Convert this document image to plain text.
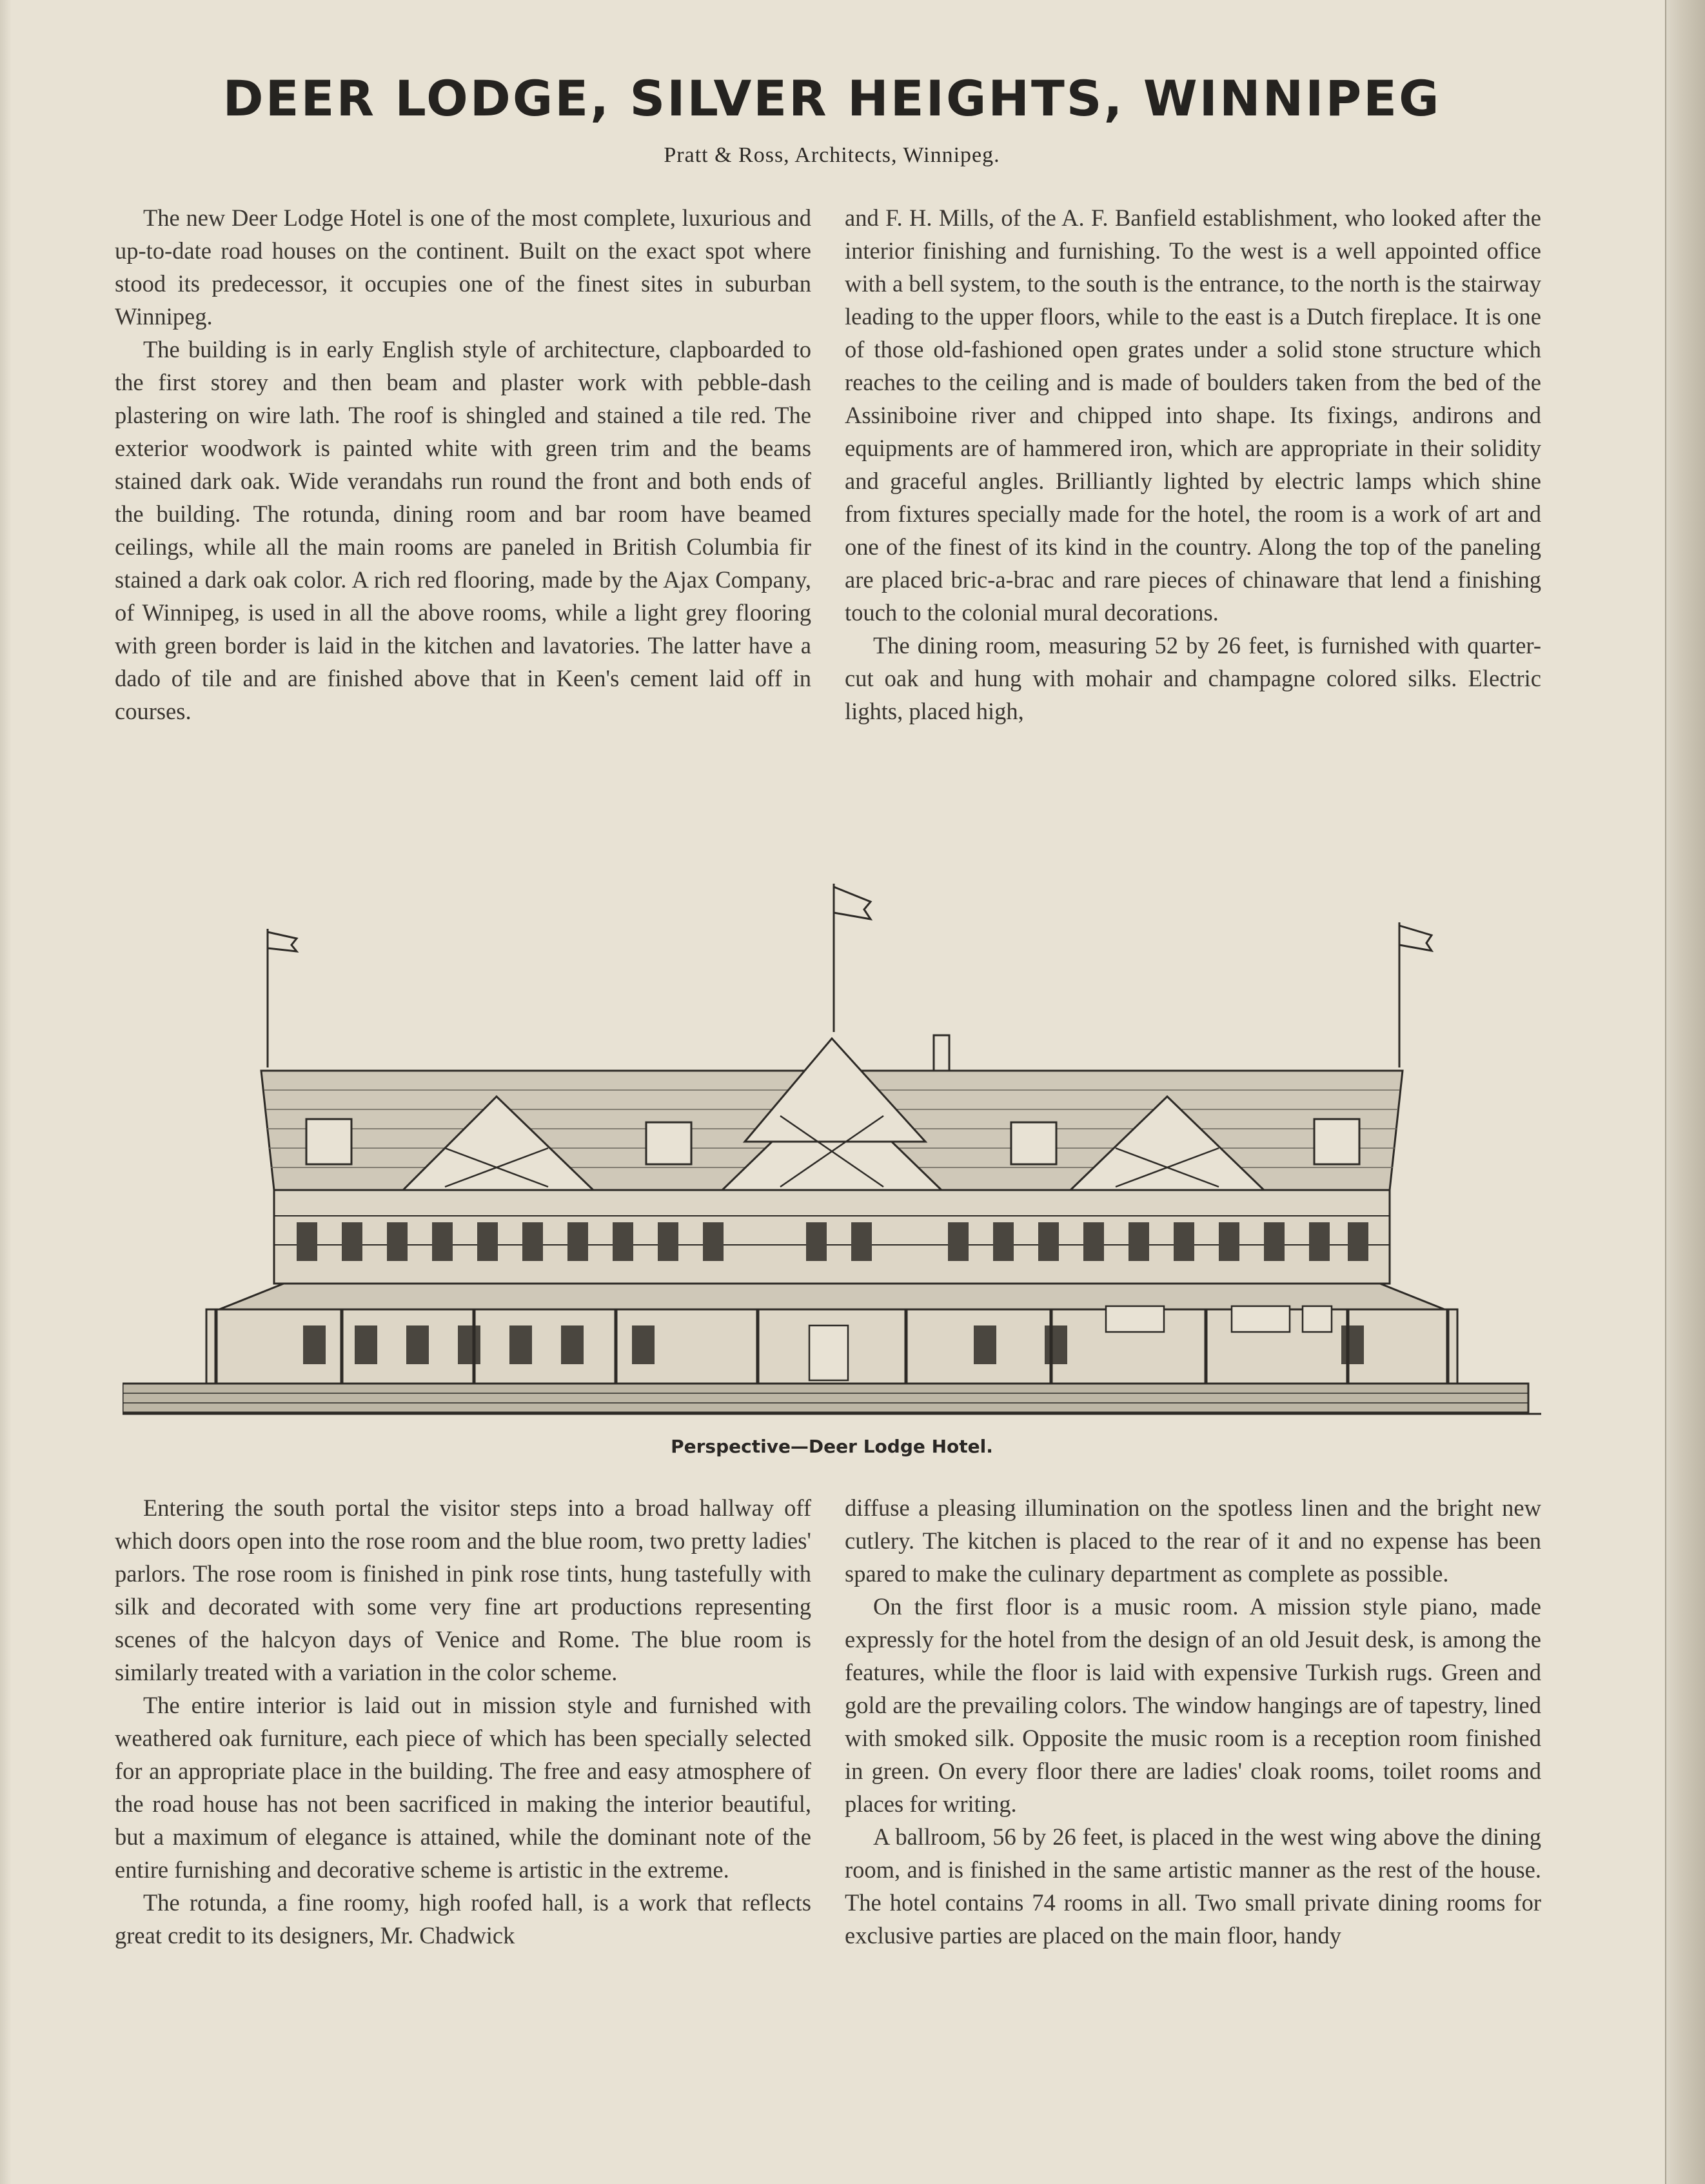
DEER LODGE, SILVER HEIGHTS, WINNIPEG
Pratt & Ross, Architects, Winnipeg.

The new Deer Lodge Hotel is one of the most complete, luxurious and up-to-date road houses on the continent. Built on the exact spot where stood its predecessor, it occupies one of the finest sites in suburban Winnipeg.

The building is in early English style of architecture, clapboarded to the first storey and then beam and plaster work with pebble-dash plastering on wire lath. The roof is shingled and stained a tile red. The exterior woodwork is painted white with green trim and the beams stained dark oak. Wide verandahs run round the front and both ends of the building. The rotunda, dining room and bar room have beamed ceilings, while all the main rooms are paneled in British Columbia fir stained a dark oak color. A rich red flooring, made by the Ajax Company, of Winnipeg, is used in all the above rooms, while a light grey flooring with green border is laid in the kitchen and lavatories. The latter have a dado of tile and are finished above that in Keen's cement laid off in courses.

and F. H. Mills, of the A. F. Banfield establishment, who looked after the interior finishing and furnishing. To the west is a well appointed office with a bell system, to the south is the entrance, to the north is the stairway leading to the upper floors, while to the east is a Dutch fireplace. It is one of those old-fashioned open grates under a solid stone structure which reaches to the ceiling and is made of boulders taken from the bed of the Assiniboine river and chipped into shape. Its fixings, andirons and equipments are of hammered iron, which are appropriate in their solidity and graceful angles. Brilliantly lighted by electric lamps which shine from fixtures specially made for the hotel, the room is a work of art and one of the finest of its kind in the country. Along the top of the paneling are placed bric-a-brac and rare pieces of chinaware that lend a finishing touch to the colonial mural decorations.

The dining room, measuring 52 by 26 feet, is furnished with quarter-cut oak and hung with mohair and champagne colored silks. Electric lights, placed high,

Perspective—Deer Lodge Hotel.

Entering the south portal the visitor steps into a broad hallway off which doors open into the rose room and the blue room, two pretty ladies' parlors. The rose room is finished in pink rose tints, hung tastefully with silk and decorated with some very fine art productions representing scenes of the halcyon days of Venice and Rome. The blue room is similarly treated with a variation in the color scheme.

The entire interior is laid out in mission style and furnished with weathered oak furniture, each piece of which has been specially selected for an appropriate place in the building. The free and easy atmosphere of the road house has not been sacrificed in making the interior beautiful, but a maximum of elegance is attained, while the dominant note of the entire furnishing and decorative scheme is artistic in the extreme.

The rotunda, a fine roomy, high roofed hall, is a work that reflects great credit to its designers, Mr. Chadwick

diffuse a pleasing illumination on the spotless linen and the bright new cutlery. The kitchen is placed to the rear of it and no expense has been spared to make the culinary department as complete as possible.

On the first floor is a music room. A mission style piano, made expressly for the hotel from the design of an old Jesuit desk, is among the features, while the floor is laid with expensive Turkish rugs. Green and gold are the prevailing colors. The window hangings are of tapestry, lined with smoked silk. Opposite the music room is a reception room finished in green. On every floor there are ladies' cloak rooms, toilet rooms and places for writing.

A ballroom, 56 by 26 feet, is placed in the west wing above the dining room, and is finished in the same artistic manner as the rest of the house. The hotel contains 74 rooms in all. Two small private dining rooms for exclusive parties are placed on the main floor, handy
